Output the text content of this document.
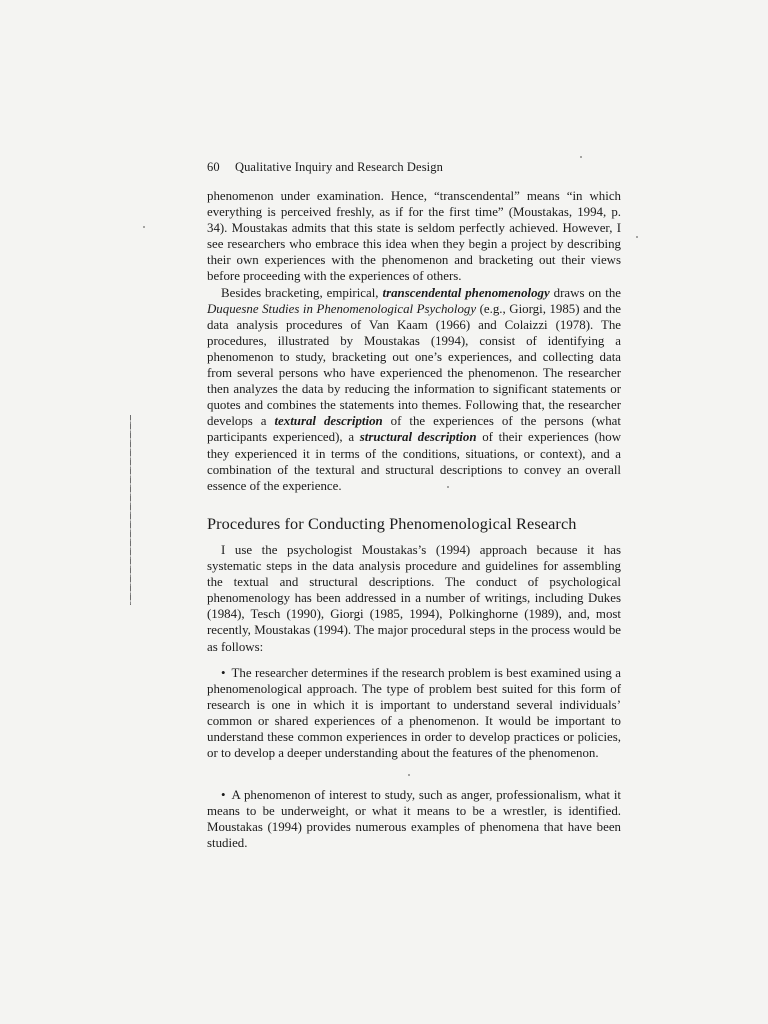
60 Qualitative Inquiry and Research Design

phenomenon under examination. Hence, “transcendental” means “in which everything is perceived freshly, as if for the first time” (Moustakas, 1994, p. 34). Moustakas admits that this state is seldom perfectly achieved. However, I see researchers who embrace this idea when they begin a project by describing their own experiences with the phenomenon and bracketing out their views before proceeding with the experiences of others.

Besides bracketing, empirical, transcendental phenomenology draws on the Duquesne Studies in Phenomenological Psychology (e.g., Giorgi, 1985) and the data analysis procedures of Van Kaam (1966) and Colaizzi (1978). The procedures, illustrated by Moustakas (1994), consist of identifying a phenomenon to study, bracketing out one’s experiences, and collecting data from several persons who have experienced the phenomenon. The researcher then analyzes the data by reducing the information to significant statements or quotes and combines the statements into themes. Following that, the researcher develops a textural description of the experiences of the persons (what participants experienced), a structural description of their experiences (how they experienced it in terms of the conditions, situations, or context), and a combination of the textural and structural descriptions to convey an overall essence of the experience.

Procedures for Conducting Phenomenological Research

I use the psychologist Moustakas’s (1994) approach because it has systematic steps in the data analysis procedure and guidelines for assembling the textual and structural descriptions. The conduct of psychological phenomenology has been addressed in a number of writings, including Dukes (1984), Tesch (1990), Giorgi (1985, 1994), Polkinghorne (1989), and, most recently, Moustakas (1994). The major procedural steps in the process would be as follows:

• The researcher determines if the research problem is best examined using a phenomenological approach. The type of problem best suited for this form of research is one in which it is important to understand several individuals’ common or shared experiences of a phenomenon. It would be important to understand these common experiences in order to develop practices or policies, or to develop a deeper understanding about the features of the phenomenon.

• A phenomenon of interest to study, such as anger, professionalism, what it means to be underweight, or what it means to be a wrestler, is identified. Moustakas (1994) provides numerous examples of phenomena that have been studied.
